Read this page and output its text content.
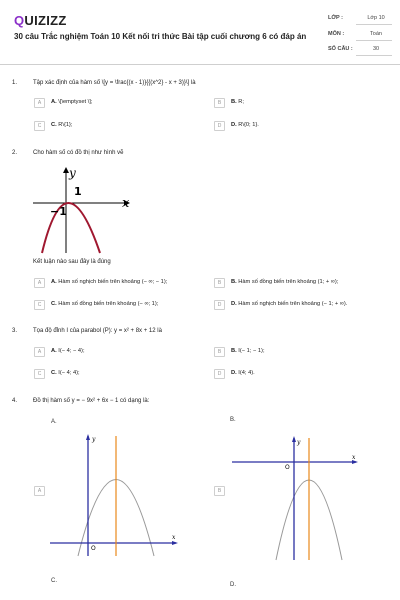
QUIZIZZ
30 câu Trắc nghiệm Toán 10 Kết nối tri thức Bài tập cuối chương 6 có đáp án
LỚP :	Lớp 10
MÔN :	Toán
SỐ CÂU :	30
1.	Tập xác định của hàm số \[y = \frac{(x - 1)}{{(x^2} - x + 3)}\] là
A	A. \[\emptyset \];	B	B. R;
C	C. R\{1};	D	D. R\{0; 1}.
2.	Cho hàm số có đồ thị như hình vẽ
y
x
1
−1
Kết luận nào sau đây là đúng
A	A. Hàm số nghịch biến trên khoảng (− ∞; − 1);	B	B. Hàm số đồng biến trên khoảng (1; + ∞);
C	C. Hàm số đồng biến trên khoảng (− ∞; 1);	D	D. Hàm số nghịch biến trên khoảng (− 1; + ∞).
3.	Tọa độ đỉnh I của parabol (P): y = x² + 8x + 12 là
A	A. I(− 4; − 4);	B	B. I(− 1; − 1);
C	C. I(− 4; 4);	D	D. I(4; 4).
4.	Đồ thị hàm số y = − 9x² + 6x − 1 có dạng là:
A.	B.
A	B
y
x
O
y
x
O
C.
D.
